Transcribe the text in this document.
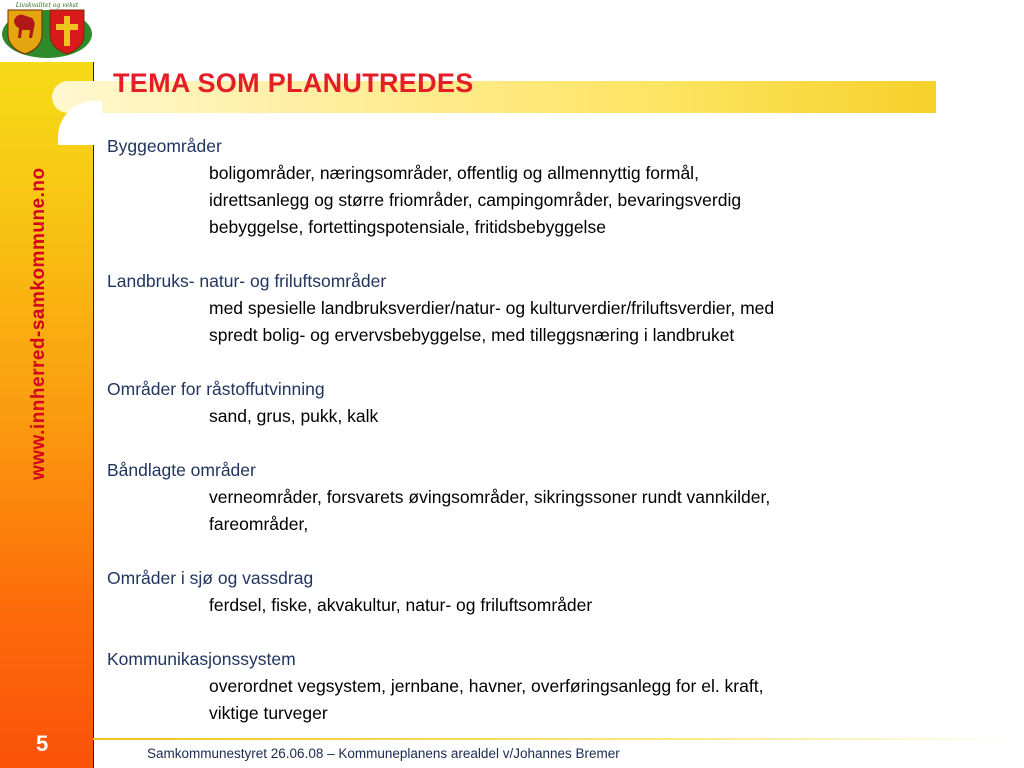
Livskvalitet og vekst
www.innherred-samkommune.no
5
TEMA SOM PLANUTREDES
Byggeområder
boligområder, næringsområder, offentlig og allmennyttig formål,
idrettsanlegg og større friområder, campingområder, bevaringsverdig
bebyggelse, fortettingspotensiale, fritidsbebyggelse
Landbruks- natur- og friluftsområder
med spesielle landbruksverdier/natur- og kulturverdier/friluftsverdier, med
spredt bolig- og ervervsbebyggelse, med tilleggsnæring i landbruket
Områder for råstoffutvinning
sand, grus, pukk, kalk
Båndlagte områder
verneområder, forsvarets øvingsområder, sikringssoner rundt vannkilder,
fareområder,
Områder i sjø og vassdrag
ferdsel, fiske, akvakultur, natur- og friluftsområder
Kommunikasjonssystem
overordnet vegsystem, jernbane, havner, overføringsanlegg for el. kraft,
viktige turveger
Samkommunestyret 26.06.08 – Kommuneplanens arealdel v/Johannes Bremer
